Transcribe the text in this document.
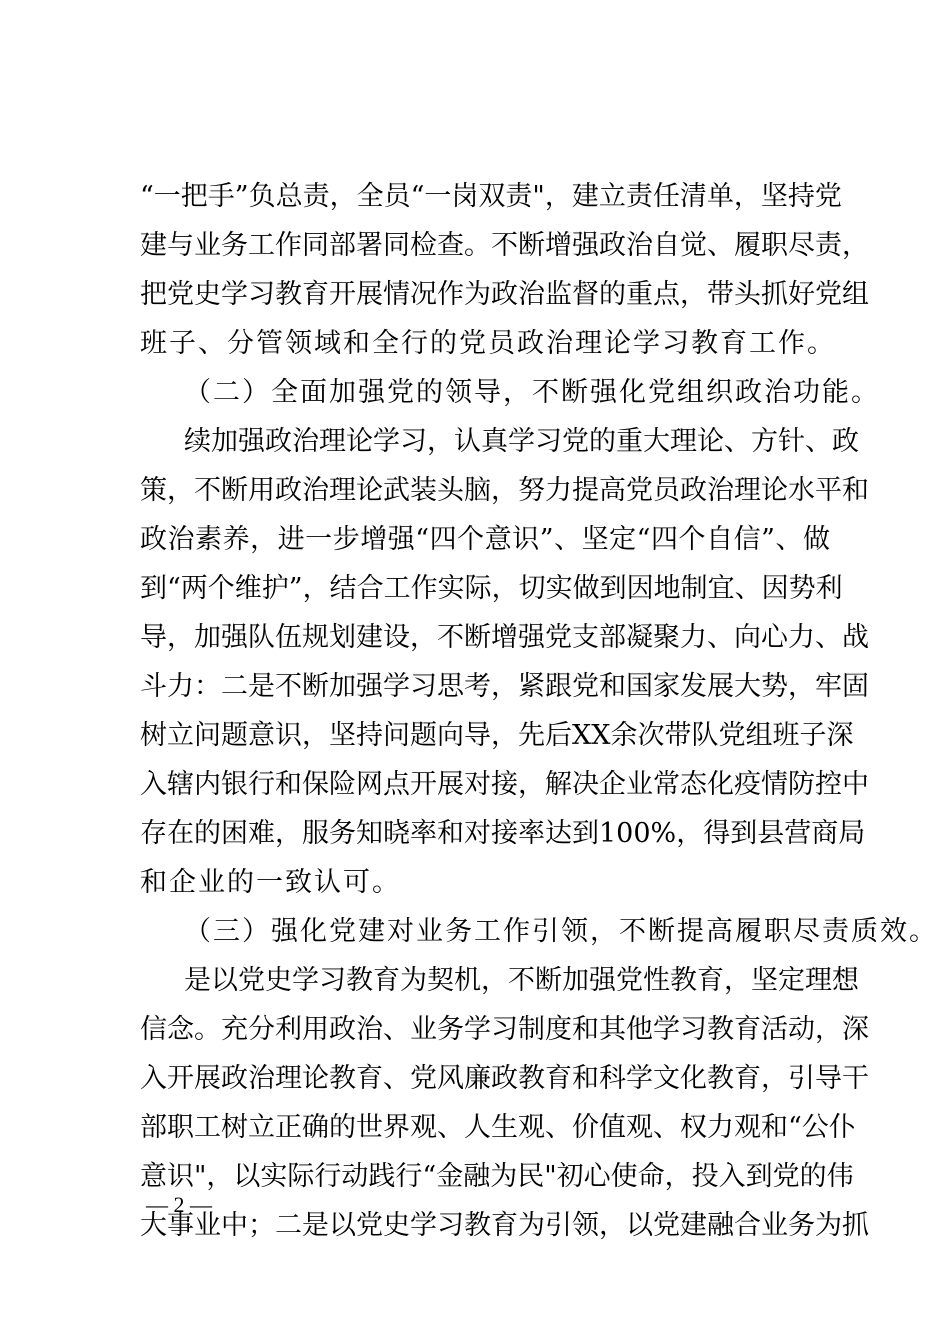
“一把手”负总责，全员“一岗双责"，建立责任清单，坚持党
建与业务工作同部署同检查。不断增强政治自觉、履职尽责，
把党史学习教育开展情况作为政治监督的重点，带头抓好党组
班子、分管领域和全行的党员政治理论学习教育工作。
（二）全面加强党的领导，不断强化党组织政治功能。
续加强政治理论学习，认真学习党的重大理论、方针、政
策，不断用政治理论武装头脑，努力提高党员政治理论水平和
政治素养，进一步增强“四个意识”、坚定“四个自信”、做
到“两个维护”，结合工作实际，切实做到因地制宜、因势利
导，加强队伍规划建设，不断增强党支部凝聚力、向心力、战
斗力：二是不断加强学习思考，紧跟党和国家发展大势，牢固
树立问题意识，坚持问题向导，先后XX余次带队党组班子深
入辖内银行和保险网点开展对接，解决企业常态化疫情防控中
存在的困难，服务知晓率和对接率达到100%，得到县营商局
和企业的一致认可。
（三）强化党建对业务工作引领，不断提高履职尽责质效。
是以党史学习教育为契机，不断加强党性教育，坚定理想
信念。充分利用政治、业务学习制度和其他学习教育活动，深
入开展政治理论教育、党风廉政教育和科学文化教育，引导干
部职工树立正确的世界观、人生观、价值观、权力观和“公仆
意识"，以实际行动践行“金融为民"初心使命，投入到党的伟
大事业中；二是以党史学习教育为引领，以党建融合业务为抓
— 2 —
